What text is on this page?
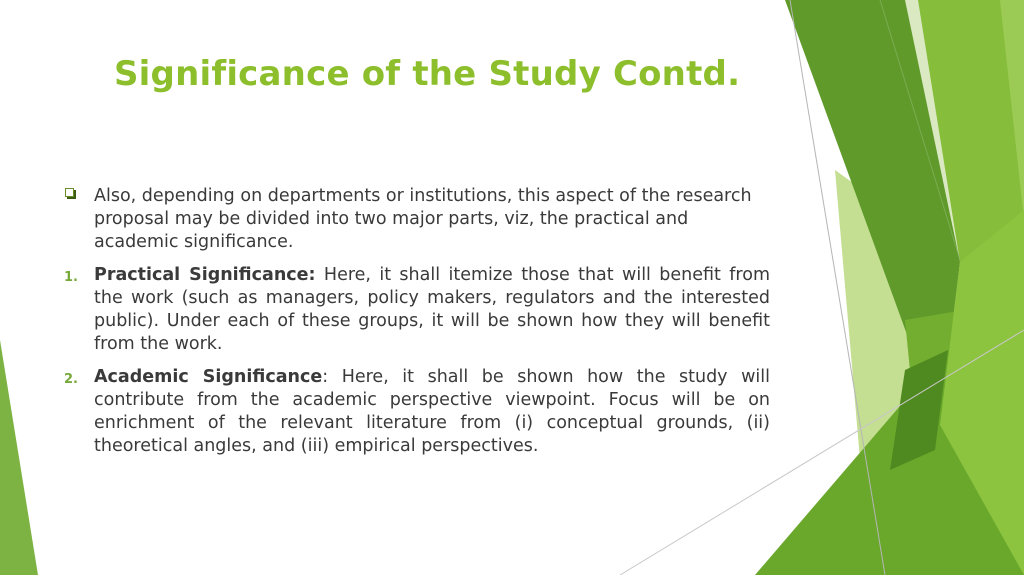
Significance of the Study Contd.
Also, depending on departments or institutions, this aspect of the research proposal may be divided into two major parts, viz, the practical and academic significance.
1. Practical Significance: Here, it shall itemize those that will benefit from the work (such as managers, policy makers, regulators and the interested public). Under each of these groups, it will be shown how they will benefit from the work.
2. Academic Significance: Here, it shall be shown how the study will contribute from the academic perspective viewpoint. Focus will be on enrichment of the relevant literature from (i) conceptual grounds, (ii) theoretical angles, and (iii) empirical perspectives.
